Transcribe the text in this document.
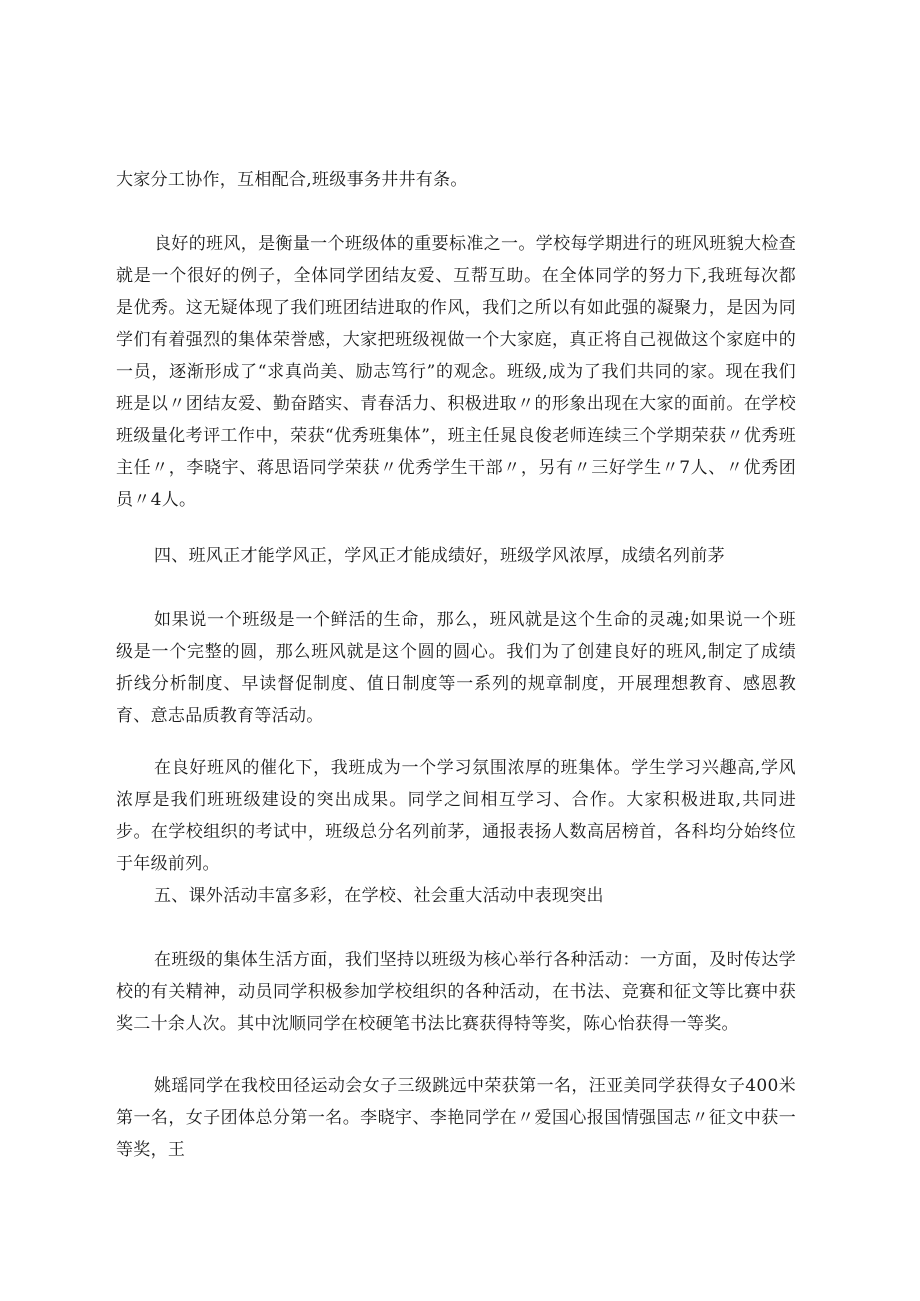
大家分工协作，互相配合,班级事务井井有条。

良好的班风，是衡量一个班级体的重要标准之一。学校每学期进行的班风班貌大检查就是一个很好的例子，全体同学团结友爱、互帮互助。在全体同学的努力下,我班每次都是优秀。这无疑体现了我们班团结进取的作风，我们之所以有如此强的凝聚力，是因为同学们有着强烈的集体荣誉感，大家把班级视做一个大家庭，真正将自己视做这个家庭中的一员，逐渐形成了“求真尚美、励志笃行”的观念。班级,成为了我们共同的家。现在我们班是以〃团结友爱、勤奋踏实、青春活力、积极进取〃的形象出现在大家的面前。在学校班级量化考评工作中，荣获“优秀班集体”，班主任晁良俊老师连续三个学期荣获〃优秀班主任〃，李晓宇、蒋思语同学荣获〃优秀学生干部〃，另有〃三好学生〃7人、〃优秀团员〃4人。

四、班风正才能学风正，学风正才能成绩好，班级学风浓厚，成绩名列前茅

如果说一个班级是一个鲜活的生命，那么，班风就是这个生命的灵魂;如果说一个班级是一个完整的圆，那么班风就是这个圆的圆心。我们为了创建良好的班风,制定了成绩折线分析制度、早读督促制度、值日制度等一系列的规章制度，开展理想教育、感恩教育、意志品质教育等活动。

在良好班风的催化下，我班成为一个学习氛围浓厚的班集体。学生学习兴趣高,学风浓厚是我们班班级建设的突出成果。同学之间相互学习、合作。大家积极进取,共同进步。在学校组织的考试中，班级总分名列前茅，通报表扬人数高居榜首，各科均分始终位于年级前列。

五、课外活动丰富多彩，在学校、社会重大活动中表现突出

在班级的集体生活方面，我们坚持以班级为核心举行各种活动：一方面，及时传达学校的有关精神，动员同学积极参加学校组织的各种活动，在书法、竞赛和征文等比赛中获奖二十余人次。其中沈顺同学在校硬笔书法比赛获得特等奖，陈心怡获得一等奖。

姚瑶同学在我校田径运动会女子三级跳远中荣获第一名，汪亚美同学获得女子400米第一名，女子团体总分第一名。李晓宇、李艳同学在〃爱国心报国情强国志〃征文中获一等奖，王
